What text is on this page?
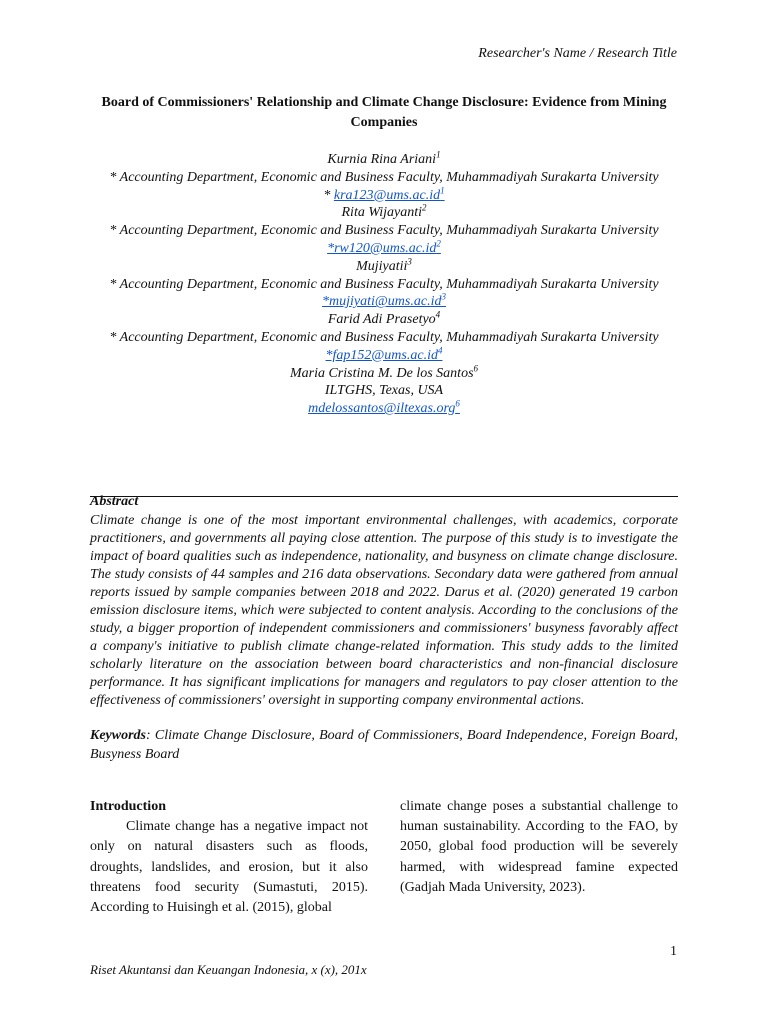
Researcher's Name / Research Title
Board of Commissioners' Relationship and Climate Change Disclosure: Evidence from Mining Companies
Kurnia Rina Ariani$^1$
* Accounting Department, Economic and Business Faculty, Muhammadiyah Surakarta University
* kra123@ums.ac.id$^1$
Rita Wijayanti$^2$
* Accounting Department, Economic and Business Faculty, Muhammadiyah Surakarta University
*rw120@ums.ac.id$^2$
Mujiyatii$^3$
* Accounting Department, Economic and Business Faculty, Muhammadiyah Surakarta University
*mujiyati@ums.ac.id$^3$
Farid Adi Prasetyo$^4$
* Accounting Department, Economic and Business Faculty, Muhammadiyah Surakarta University
*fap152@ums.ac.id$^4$
Maria Cristina M. De los Santos$^6$
ILTGHS, Texas, USA
mdelossantos@iltexas.org$^6$
Abstract
Climate change is one of the most important environmental challenges, with academics, corporate practitioners, and governments all paying close attention. The purpose of this study is to investigate the impact of board qualities such as independence, nationality, and busyness on climate change disclosure. The study consists of 44 samples and 216 data observations. Secondary data were gathered from annual reports issued by sample companies between 2018 and 2022. Darus et al. (2020) generated 19 carbon emission disclosure items, which were subjected to content analysis. According to the conclusions of the study, a bigger proportion of independent commissioners and commissioners' busyness favorably affect a company's initiative to publish climate change-related information. This study adds to the limited scholarly literature on the association between board characteristics and non-financial disclosure performance. It has significant implications for managers and regulators to pay closer attention to the effectiveness of commissioners' oversight in supporting company environmental actions.
Keywords: Climate Change Disclosure, Board of Commissioners, Board Independence, Foreign Board, Busyness Board

Introduction

Climate change has a negative impact not only on natural disasters such as floods, droughts, landslides, and erosion, but it also threatens food security (Sumastuti, 2015). According to Huisingh et al. (2015), global

climate change poses a substantial challenge to human sustainability. According to the FAO, by 2050, global food production will be severely harmed, with widespread famine expected (Gadjah Mada University, 2023).

1
Riset Akuntansi dan Keuangan Indonesia, x (x), 201x
